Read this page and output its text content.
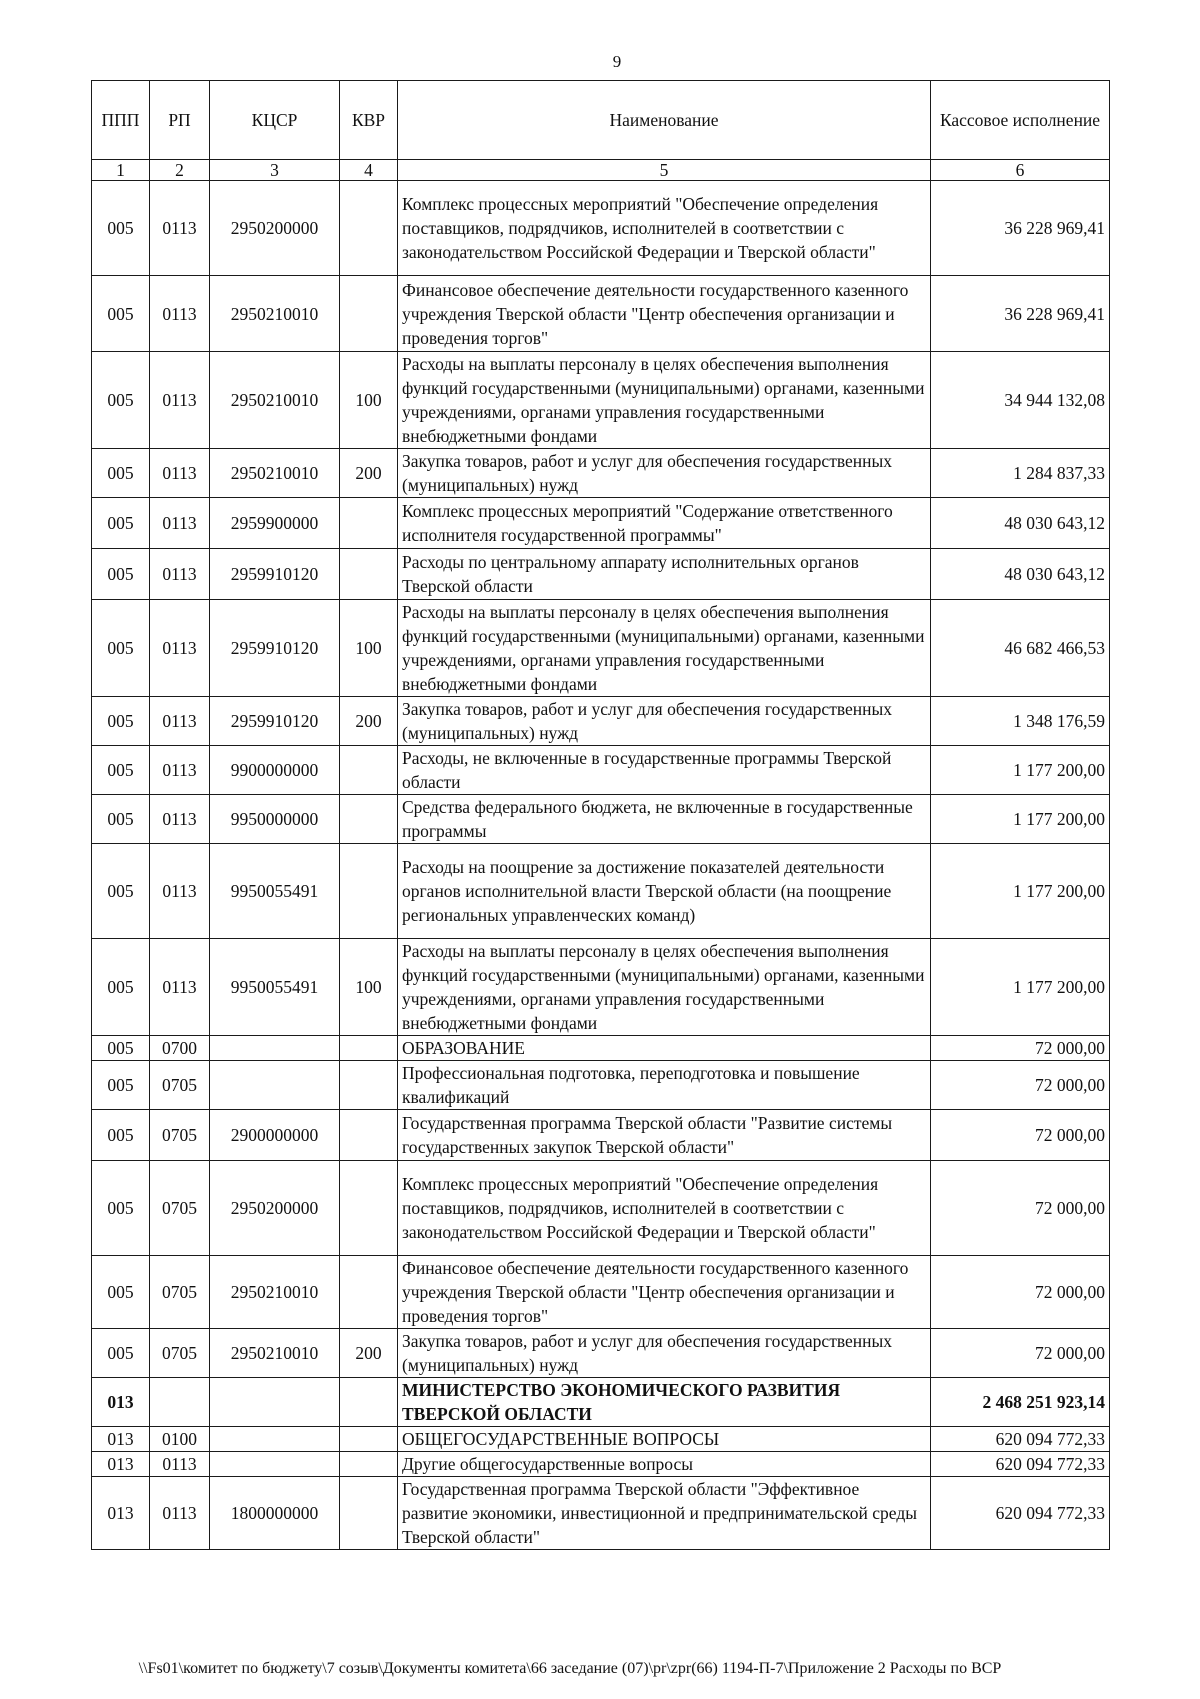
9
ППП	РП	КЦСР	КВР	Наименование	Кассовое исполнение
1	2	3	4	5	6
005	0113	2950200000		Комплекс процессных мероприятий "Обеспечение определения поставщиков, подрядчиков, исполнителей в соответствии с законодательством Российской Федерации и Тверской области"	36 228 969,41
005	0113	2950210010		Финансовое обеспечение деятельности государственного казенного учреждения Тверской области "Центр обеспечения организации и проведения торгов"	36 228 969,41
005	0113	2950210010	100	Расходы на выплаты персоналу в целях обеспечения выполнения функций государственными (муниципальными) органами, казенными учреждениями, органами управления государственными внебюджетными фондами	34 944 132,08
005	0113	2950210010	200	Закупка товаров, работ и услуг для обеспечения государственных (муниципальных) нужд	1 284 837,33
005	0113	2959900000		Комплекс процессных мероприятий "Содержание ответственного исполнителя государственной программы"	48 030 643,12
005	0113	2959910120		Расходы по центральному аппарату исполнительных органов Тверской области	48 030 643,12
005	0113	2959910120	100	Расходы на выплаты персоналу в целях обеспечения выполнения функций государственными (муниципальными) органами, казенными учреждениями, органами управления государственными внебюджетными фондами	46 682 466,53
005	0113	2959910120	200	Закупка товаров, работ и услуг для обеспечения государственных (муниципальных) нужд	1 348 176,59
005	0113	9900000000		Расходы, не включенные в государственные программы Тверской области	1 177 200,00
005	0113	9950000000		Средства федерального бюджета, не включенные в государственные программы	1 177 200,00
005	0113	9950055491		Расходы на поощрение за достижение показателей деятельности органов исполнительной власти Тверской области (на поощрение региональных управленческих команд)	1 177 200,00
005	0113	9950055491	100	Расходы на выплаты персоналу в целях обеспечения выполнения функций государственными (муниципальными) органами, казенными учреждениями, органами управления государственными внебюджетными фондами	1 177 200,00
005	0700			ОБРАЗОВАНИЕ	72 000,00
005	0705			Профессиональная подготовка, переподготовка и повышение квалификаций	72 000,00
005	0705	2900000000		Государственная программа Тверской области "Развитие системы государственных закупок Тверской области"	72 000,00
005	0705	2950200000		Комплекс процессных мероприятий "Обеспечение определения поставщиков, подрядчиков, исполнителей в соответствии с законодательством Российской Федерации и Тверской области"	72 000,00
005	0705	2950210010		Финансовое обеспечение деятельности государственного казенного учреждения Тверской области "Центр обеспечения организации и проведения торгов"	72 000,00
005	0705	2950210010	200	Закупка товаров, работ и услуг для обеспечения государственных (муниципальных) нужд	72 000,00
013				МИНИСТЕРСТВО ЭКОНОМИЧЕСКОГО РАЗВИТИЯ ТВЕРСКОЙ ОБЛАСТИ	2 468 251 923,14
013	0100			ОБЩЕГОСУДАРСТВЕННЫЕ ВОПРОСЫ	620 094 772,33
013	0113			Другие общегосударственные вопросы	620 094 772,33
013	0113	1800000000		Государственная программа Тверской области "Эффективное развитие экономики, инвестиционной и предпринимательской среды Тверской области"	620 094 772,33
\\Fs01\комитет по бюджету\7 созыв\Документы комитета\66 заседание (07)\pr\zpr(66) 1194-П-7\Приложение 2 Расходы по ВСР
